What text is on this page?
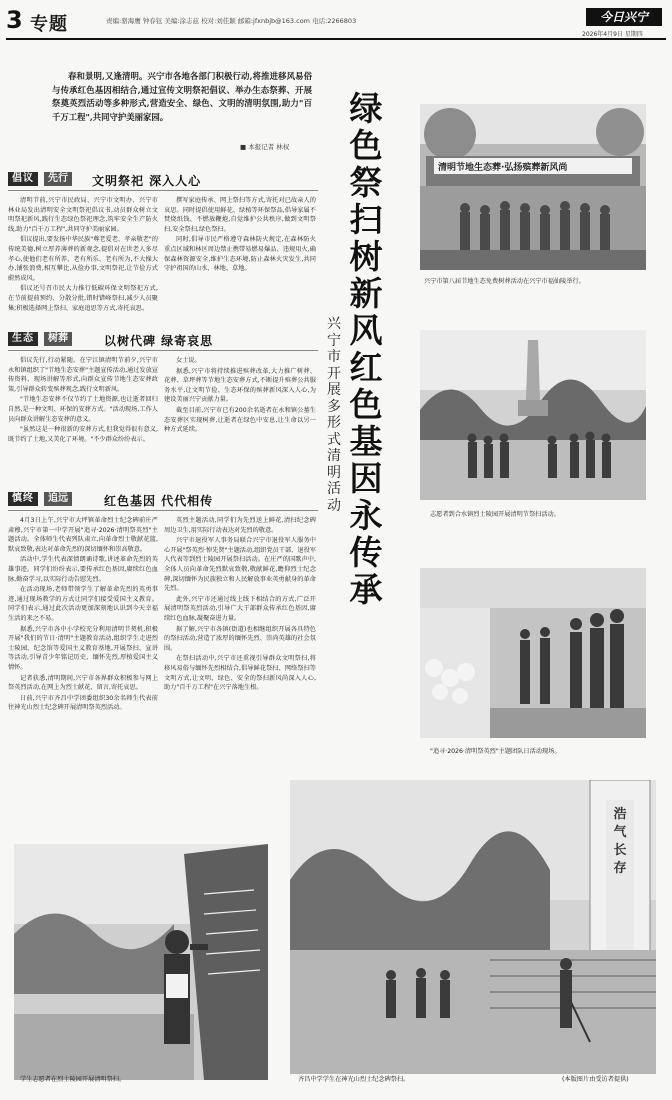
3 专题	责编:骆海鹰 钟春钰 美编:涂志兹 校对:刘佳颖 邮箱:jfxnbjb@163.com 电话:2266803	今日兴宁
2026年4月9日 星期四
春和景明,又逢清明。兴宁市各地各部门积极行动,将推进移风易俗与传承红色基因相结合,通过宣传文明祭祀倡议、举办生态祭葬、开展祭奠英烈活动等多种形式,营造安全、绿色、文明的清明氛围,助力"百千万工程",共同守护美丽家园。
■ 本报记者 林权
倡议	先行	文明祭祀 深入人心

清明节前,兴宁市民政局、兴宁市文明办、兴宁市林业局发出清明安全文明祭祀倡议书,动员群众树立文明祭祀新风,践行生态绿色祭祀理念,筑牢安全生产防火线,助力"百千万工程",共同守护美丽家园。

倡议提出,要发扬中华民族"尊老爱老、孝亲敬老"的传统美德,树立厚养薄葬的新观念,提倡对在世老人多尽孝心,使他们老有所养、老有所乐、老有所为,不大操大办,铺张浪费,相互攀比,从俭办事,文明祭祀,让节俭方式蔚然成风。

倡议还号召市民大力推行低碳环保文明祭祀方式,在节前提前预约、分散分批,错时错峰祭扫,减少人员聚集;积极选择网上祭扫、家庭追思等方式,寄托哀思。

撰写家庭传承、网上祭扫等方式,寄托对已故亲人的哀思。同时提倡使用鲜花、绿植等环保祭品,倡导家属不焚烧纸钱、不燃放鞭炮,自觉维护公共秩序,做到文明祭扫,安全祭扫,绿色祭扫。

同时,倡导市民严格遵守森林防火规定,在森林防火重点区域和林区周边禁止携带易燃易爆品、违规用火,确保森林资源安全,维护生态环境,防止森林火灾发生,共同守护祖国的山水、林地、草地。

生态	树葬	以树代碑 绿寄哀思

倡议先行,行动紧随。在宁江镇清明节前夕,兴宁市永和镇组织了"节地生态安葬"主题宣传活动,通过发放宣传资料、现场讲解等形式,向群众宣传节地生态安葬政策,引导群众转变殡葬观念,践行文明新风。

"节地生态安葬不仅节约了土地资源,也让逝者回归自然,是一种文明、环保的安葬方式。"活动现场,工作人员向群众讲解生态安葬的意义。

"虽然这是一种很新的安葬方式,但我觉得很有意义,既节约了土地,又美化了环境。"不少群众纷纷表示。

女士说。

据悉,兴宁市将持续推进殡葬改革,大力推广树葬、花葬、草坪葬等节地生态安葬方式,不断提升殡葬公共服务水平,让文明节俭、生态环保的殡葬新风深入人心,为建设美丽兴宁贡献力量。

截至目前,兴宁市已有200余名逝者在永和镇公墓生态安葬区实现树葬,让逝者在绿色中安息,让生命以另一种方式延续。

慎终	追远	红色基因 代代相传

4月3日上午,兴宁市大坪镇革命烈士纪念碑前庄严肃穆,兴宁市第一中学开展"追寻·2026·清明祭英烈"主题活动。全体师生代表列队肃立,向革命烈士敬献花篮,默哀致敬,表达对革命先烈的深切缅怀和崇高敬意。

活动中,学生代表深情朗诵诗歌,讲述革命先烈的英雄事迹。同学们纷纷表示,要传承红色基因,赓续红色血脉,勤奋学习,以实际行动告慰先烈。

在活动现场,老师带领学生了解革命先烈的英勇事迹,通过现场教学的方式让同学们接受爱国主义教育。同学们表示,通过此次活动更加深刻地认识到今天幸福生活的来之不易。

据悉,兴宁市各中小学校充分利用清明节契机,积极开展"我们的节日·清明"主题教育活动,组织学生走进烈士陵园、纪念馆等爱国主义教育基地,开展祭扫、宣讲等活动,引导青少年铭记历史、缅怀先烈,厚植爱国主义情怀。

记者获悉,清明期间,兴宁市各界群众积极参与网上祭英烈活动,在网上为烈士献花、留言,寄托哀思。

日前,兴宁市齐昌中学团委组织30余名师生代表前往神光山烈士纪念碑开展清明祭英烈活动。

英烈主题活动,同学们为先烈送上鲜花,清扫纪念碑周边卫生,用实际行动表达对先烈的敬意。

兴宁市退役军人事务局联合兴宁市退役军人服务中心开展"祭英烈·悼先贤"主题活动,组织党员干部、退役军人代表等到烈士陵园开展祭扫活动。在庄严的国歌声中,全体人员向革命先烈默哀致敬,敬献鲜花,瞻仰烈士纪念碑,深切缅怀为民族独立和人民解放事业英勇献身的革命先烈。

此外,兴宁市还通过线上线下相结合的方式,广泛开展清明祭英烈活动,引导广大干部群众传承红色基因,赓续红色血脉,凝聚奋进力量。

据了解,兴宁市各镇(街道)也相继组织开展各具特色的祭扫活动,营造了浓厚的缅怀先烈、崇尚英雄的社会氛围。

在祭扫活动中,兴宁市还重视引导群众文明祭扫,将移风易俗与缅怀先烈相结合,倡导鲜花祭扫、网络祭扫等文明方式,让文明、绿色、安全的祭扫新风尚深入人心,助力"百千万工程"在兴宁落地生根。

绿色祭扫树新风 红色基因永传承
兴宁市开展多形式清明活动
清明节地生态葬·弘扬殡葬新风尚
兴宁市第八届节地生态免费树葬活动在兴宁市福仙陵举行。
志愿者到合水镇烈士陵园开展清明节祭扫活动。
"追寻·2026·清明祭英烈"主题团队日活动现场。
学生志愿者在烈士陵园开展清明祭扫。
浩气长存
齐昌中学学生在神光山烈士纪念碑祭扫。	(本版图片由受访者提供)
